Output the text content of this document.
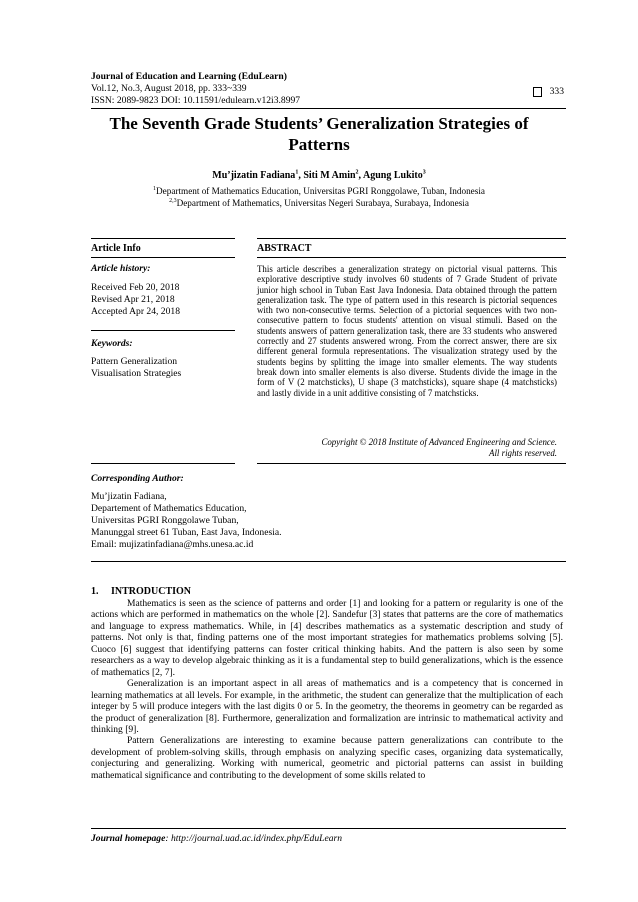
Journal of Education and Learning (EduLearn)
Vol.12, No.3, August 2018, pp. 333~339
ISSN: 2089-9823 DOI: 10.11591/edulearn.v12i3.8997
333
The Seventh Grade Students’ Generalization Strategies of
Patterns
Mu’jizatin Fadiana$^1$, Siti M Amin$^2$, Agung Lukito$^3$
$^1$Department of Mathematics Education, Universitas PGRI Ronggolawe, Tuban, Indonesia
$^{2,3}$Department of Mathematics, Universitas Negeri Surabaya, Surabaya, Indonesia
Article Info
Article history:
Received Feb 20, 2018
Revised Apr 21, 2018
Accepted Apr 24, 2018
Keywords:
Pattern Generalization
Visualisation Strategies
ABSTRACT
This article describes a generalization strategy on pictorial visual patterns. This explorative descriptive study involves 60 students of 7 Grade Student of private junior high school in Tuban East Java Indonesia. Data obtained through the pattern generalization task. The type of pattern used in this research is pictorial sequences with two non-consecutive terms. Selection of a pictorial sequences with two non-consecutive pattern to focus students' attention on visual stimuli. Based on the students answers of pattern generalization task, there are 33 students who answered correctly and 27 students answered wrong. From the correct answer, there are six different general formula representations. The visualization strategy used by the students begins by splitting the image into smaller elements. The way students break down into smaller elements is also diverse. Students divide the image in the form of V (2 matchsticks), U shape (3 matchsticks), square shape (4 matchsticks) and lastly divide in a unit additive consisting of 7 matchsticks.
Copyright © 2018 Institute of Advanced Engineering and Science.
All rights reserved.
Corresponding Author:
Mu’jizatin Fadiana,
Departement of Mathematics Education,
Universitas PGRI Ronggolawe Tuban,
Manunggal street 61 Tuban, East Java, Indonesia.
Email: mujizatinfadiana@mhs.unesa.ac.id
1.     INTRODUCTION

Mathematics is seen as the science of patterns and order [1] and looking for a pattern or regularity is one of the actions which are performed in mathematics on the whole [2]. Sandefur [3] states that patterns are the core of mathematics and language to express mathematics. While, in [4] describes mathematics as a systematic description and study of patterns. Not only is that, finding patterns one of the most important strategies for mathematics problems solving [5]. Cuoco [6] suggest that identifying patterns can foster critical thinking habits. And the pattern is also seen by some researchers as a way to develop algebraic thinking as it is a fundamental step to build generalizations, which is the essence of mathematics [2, 7].

Generalization is an important aspect in all areas of mathematics and is a competency that is concerned in learning mathematics at all levels. For example, in the arithmetic, the student can generalize that the multiplication of each integer by 5 will produce integers with the last digits 0 or 5. In the geometry, the theorems in geometry can be regarded as the product of generalization [8]. Furthermore, generalization and formalization are intrinsic to mathematical activity and thinking [9].

Pattern Generalizations are interesting to examine because pattern generalizations can contribute to the development of problem-solving skills, through emphasis on analyzing specific cases, organizing data systematically, conjecturing and generalizing. Working with numerical, geometric and pictorial patterns can assist in building mathematical significance and contributing to the development of some skills related to

Journal homepage: http://journal.uad.ac.id/index.php/EduLearn
